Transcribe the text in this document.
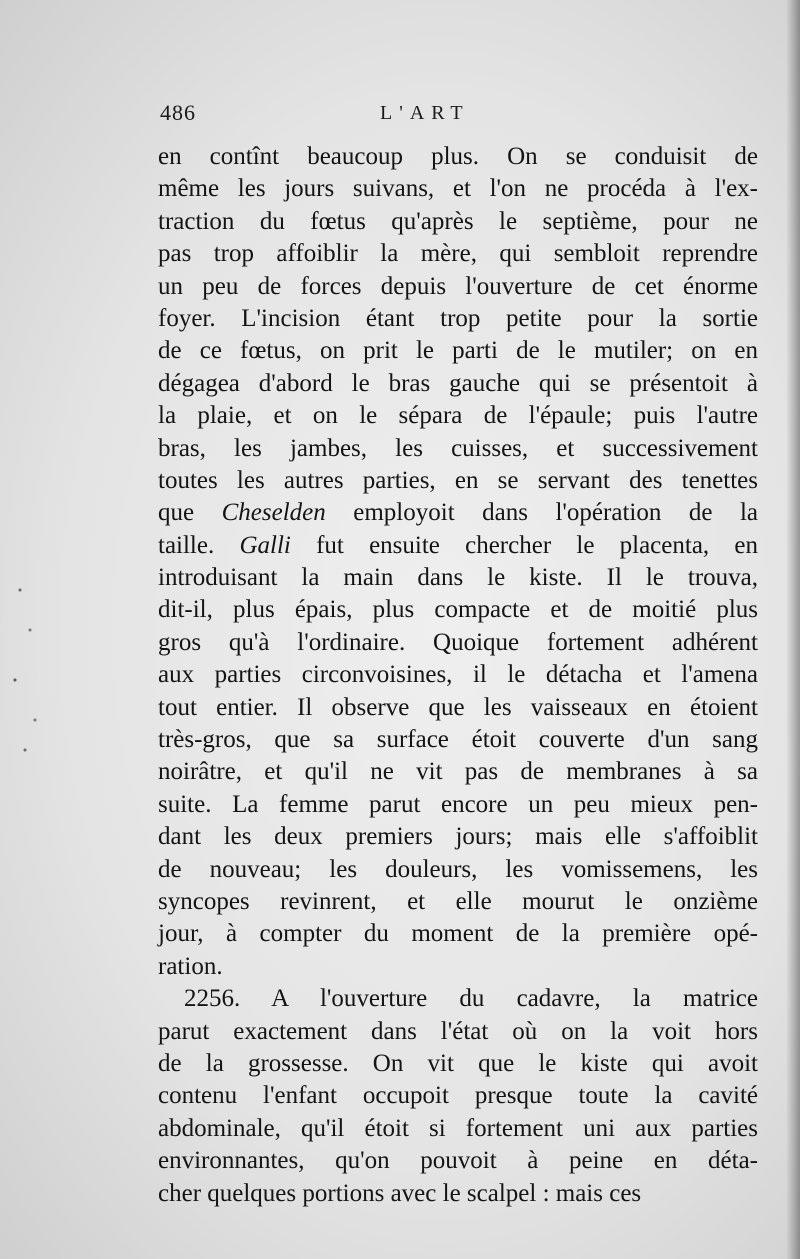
486	L'ART
en contînt beaucoup plus. On se conduisit de
même les jours suivans, et l'on ne procéda à l'ex-
traction du fœtus qu'après le septième, pour ne
pas trop affoiblir la mère, qui sembloit reprendre
un peu de forces depuis l'ouverture de cet énorme
foyer. L'incision étant trop petite pour la sortie
de ce fœtus, on prit le parti de le mutiler; on en
dégagea d'abord le bras gauche qui se présentoit à
la plaie, et on le sépara de l'épaule; puis l'autre
bras, les jambes, les cuisses, et successivement
toutes les autres parties, en se servant des tenettes
que Cheselden employoit dans l'opération de la
taille. Galli fut ensuite chercher le placenta, en
introduisant la main dans le kiste. Il le trouva,
dit-il, plus épais, plus compacte et de moitié plus
gros qu'à l'ordinaire. Quoique fortement adhérent
aux parties circonvoisines, il le détacha et l'amena
tout entier. Il observe que les vaisseaux en étoient
très-gros, que sa surface étoit couverte d'un sang
noirâtre, et qu'il ne vit pas de membranes à sa
suite. La femme parut encore un peu mieux pen-
dant les deux premiers jours; mais elle s'affoiblit
de nouveau; les douleurs, les vomissemens, les
syncopes revinrent, et elle mourut le onzième
jour, à compter du moment de la première opé-
ration.
2256. A l'ouverture du cadavre, la matrice
parut exactement dans l'état où on la voit hors
de la grossesse. On vit que le kiste qui avoit
contenu l'enfant occupoit presque toute la cavité
abdominale, qu'il étoit si fortement uni aux parties
environnantes, qu'on pouvoit à peine en déta-
cher quelques portions avec le scalpel : mais ces
